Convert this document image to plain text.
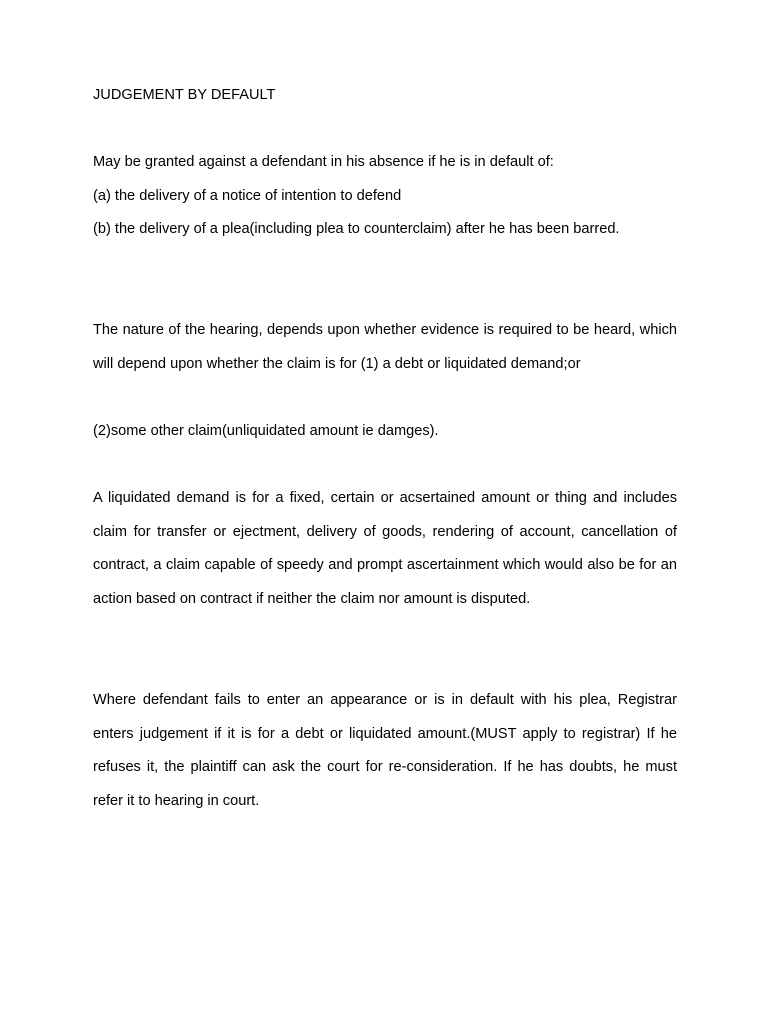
JUDGEMENT BY DEFAULT

May be granted against a defendant in his absence if he is in default of:

(a) the delivery of a notice of intention to defend

(b) the delivery of a plea(including plea to counterclaim) after he has been barred.

The nature of the hearing, depends upon whether evidence is required to be heard, which will depend upon whether the claim is for (1) a debt or liquidated demand;or

(2)some other claim(unliquidated amount ie damges).

A liquidated demand is for a fixed, certain or acsertained amount or thing and includes claim for transfer or ejectment, delivery of goods, rendering of account, cancellation of contract, a claim capable of speedy and prompt ascertainment which would also be for an action based on contract if neither the claim nor amount is disputed.

Where defendant fails to enter an appearance or is in default with his plea, Registrar enters judgement if it is for a debt or liquidated amount.(MUST apply to registrar) If he refuses it, the plaintiff can ask the court for re-consideration. If he has doubts, he must refer it to hearing in court.
